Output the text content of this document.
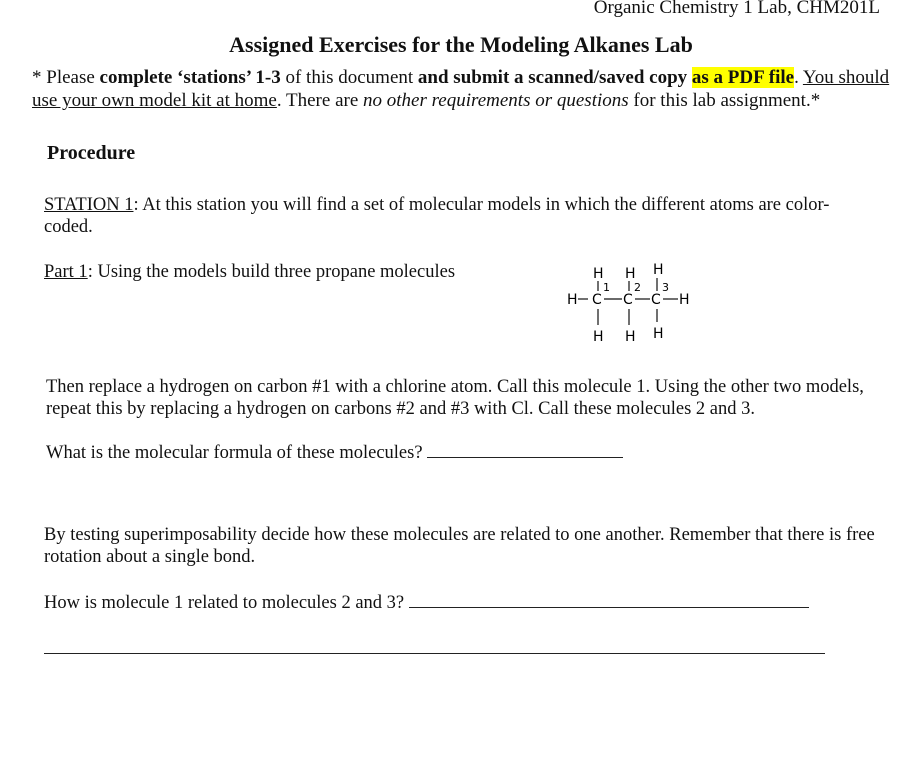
Organic Chemistry 1 Lab, CHM201L
Assigned Exercises for the Modeling Alkanes Lab
* Please complete ‘stations’ 1-3 of this document and submit a scanned/saved copy as a PDF file. You should use your own model kit at home. There are no other requirements or questions for this lab assignment.*
Procedure
STATION 1: At this station you will find a set of molecular models in which the different atoms are color-coded.
Part 1: Using the models build three propane molecules	H H H
1 2 3
H C C C H
H H H
Then replace a hydrogen on carbon #1 with a chlorine atom. Call this molecule 1. Using the other two models, repeat this by replacing a hydrogen on carbons #2 and #3 with Cl. Call these molecules 2 and 3.
What is the molecular formula of these molecules?
By testing superimposability decide how these molecules are related to one another. Remember that there is free rotation about a single bond.
How is molecule 1 related to molecules 2 and 3?
